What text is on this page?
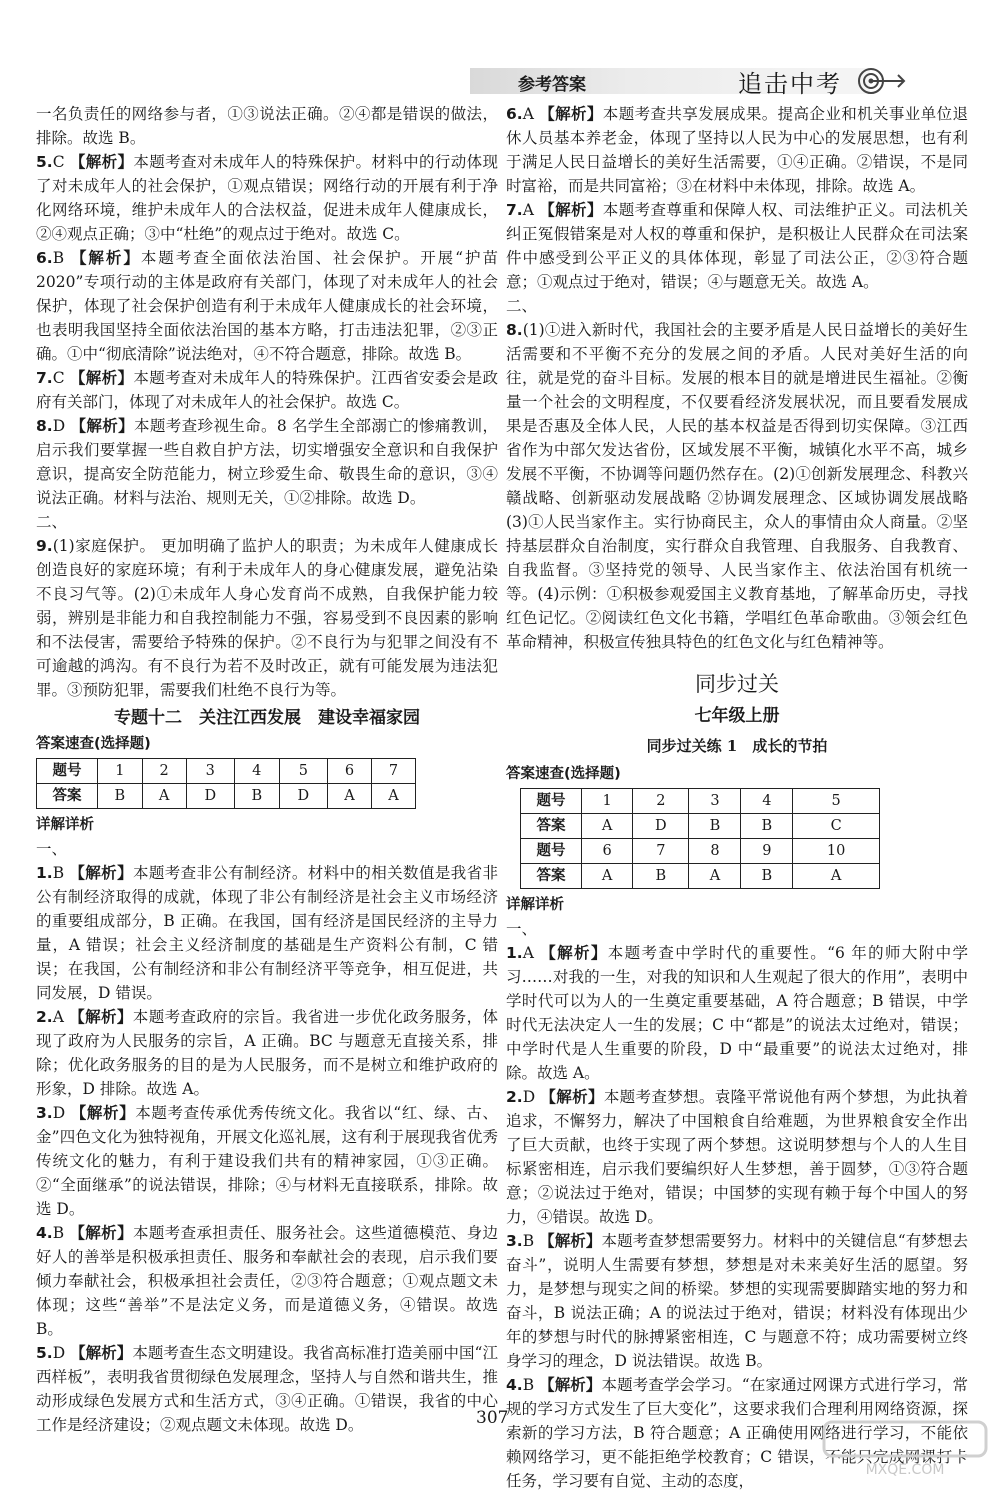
参考答案	追击中考

一名负责任的网络参与者，①③说法正确。②④都是错误的做法，排除。故选 B。

5.C 【解析】本题考查对未成年人的特殊保护。材料中的行动体现了对未成年人的社会保护，①观点错误；网络行动的开展有利于净化网络环境，维护未成年人的合法权益，促进未成年人健康成长，②④观点正确；③中“杜绝”的观点过于绝对。故选 C。

6.B 【解析】本题考查全面依法治国、社会保护。开展“护苗2020”专项行动的主体是政府有关部门，体现了对未成年人的社会保护，体现了社会保护创造有利于未成年人健康成长的社会环境，也表明我国坚持全面依法治国的基本方略，打击违法犯罪，②③正确。①中“彻底清除”说法绝对，④不符合题意，排除。故选 B。

7.C 【解析】本题考查对未成年人的特殊保护。江西省安委会是政府有关部门，体现了对未成年人的社会保护。故选 C。

8.D 【解析】本题考查珍视生命。8 名学生全部溺亡的惨痛教训，启示我们要掌握一些自救自护方法，切实增强安全意识和自我保护意识，提高安全防范能力，树立珍爱生命、敬畏生命的意识，③④说法正确。材料与法治、规则无关，①②排除。故选 D。

二、

9.(1)家庭保护。 更加明确了监护人的职责；为未成年人健康成长创造良好的家庭环境；有利于未成年人的身心健康发展，避免沾染不良习气等。(2)①未成年人身心发育尚不成熟，自我保护能力较弱，辨别是非能力和自我控制能力不强，容易受到不良因素的影响和不法侵害，需要给予特殊的保护。②不良行为与犯罪之间没有不可逾越的鸿沟。有不良行为若不及时改正，就有可能发展为违法犯罪。③预防犯罪，需要我们杜绝不良行为等。

专题十二　关注江西发展　建设幸福家园

答案速查(选择题)

题号	1	2	3	4	5	6	7
答案	B	A	D	B	D	A	A

详解详析

一、

1.B 【解析】本题考查非公有制经济。材料中的相关数值是我省非公有制经济取得的成就，体现了非公有制经济是社会主义市场经济的重要组成部分，B 正确。在我国，国有经济是国民经济的主导力量，A 错误；社会主义经济制度的基础是生产资料公有制，C 错误；在我国，公有制经济和非公有制经济平等竞争，相互促进，共同发展，D 错误。

2.A 【解析】本题考查政府的宗旨。我省进一步优化政务服务，体现了政府为人民服务的宗旨，A 正确。BC 与题意无直接关系，排除；优化政务服务的目的是为人民服务，而不是树立和维护政府的形象，D 排除。故选 A。

3.D 【解析】本题考查传承优秀传统文化。我省以“红、绿、古、金”四色文化为独特视角，开展文化巡礼展，这有利于展现我省优秀传统文化的魅力，有利于建设我们共有的精神家园，①③正确。②“全面继承”的说法错误，排除；④与材料无直接联系，排除。故选 D。

4.B 【解析】本题考查承担责任、服务社会。这些道德模范、身边好人的善举是积极承担责任、服务和奉献社会的表现，启示我们要倾力奉献社会，积极承担社会责任，②③符合题意；①观点题文未体现；这些“善举”不是法定义务，而是道德义务，④错误。故选 B。

5.D 【解析】本题考查生态文明建设。我省高标准打造美丽中国“江西样板”，表明我省贯彻绿色发展理念，坚持人与自然和谐共生，推动形成绿色发展方式和生活方式，③④正确。①错误，我省的中心工作是经济建设；②观点题文未体现。故选 D。

6.A 【解析】本题考查共享发展成果。提高企业和机关事业单位退休人员基本养老金，体现了坚持以人民为中心的发展思想，也有利于满足人民日益增长的美好生活需要，①④正确。②错误，不是同时富裕，而是共同富裕；③在材料中未体现，排除。故选 A。

7.A 【解析】本题考查尊重和保障人权、司法维护正义。司法机关纠正冤假错案是对人权的尊重和保护，是积极让人民群众在司法案件中感受到公平正义的具体体现，彰显了司法公正，②③符合题意；①观点过于绝对，错误；④与题意无关。故选 A。

二、

8.(1)①进入新时代，我国社会的主要矛盾是人民日益增长的美好生活需要和不平衡不充分的发展之间的矛盾。人民对美好生活的向往，就是党的奋斗目标。发展的根本目的就是增进民生福祉。②衡量一个社会的文明程度，不仅要看经济发展状况，而且要看发展成果是否惠及全体人民，人民的基本权益是否得到切实保障。③江西省作为中部欠发达省份，区域发展不平衡，城镇化水平不高，城乡发展不平衡，不协调等问题仍然存在。(2)①创新发展理念、科教兴赣战略、创新驱动发展战略 ②协调发展理念、区域协调发展战略 (3)①人民当家作主。实行协商民主，众人的事情由众人商量。②坚持基层群众自治制度，实行群众自我管理、自我服务、自我教育、自我监督。③坚持党的领导、人民当家作主、依法治国有机统一等。(4)示例：①积极参观爱国主义教育基地，了解革命历史，寻找红色记忆。②阅读红色文化书籍，学唱红色革命歌曲。③领会红色革命精神，积极宣传独具特色的红色文化与红色精神等。

同步过关

七年级上册

同步过关练 1　成长的节拍

答案速查(选择题)

题号	1	2	3	4	5
答案	A	D	B	B	C
题号	6	7	8	9	10
答案	A	B	A	B	A

详解详析

一、

1.A 【解析】本题考查中学时代的重要性。“6 年的师大附中学习……对我的一生，对我的知识和人生观起了很大的作用”，表明中学时代可以为人的一生奠定重要基础，A 符合题意；B 错误，中学时代无法决定人一生的发展；C 中“都是”的说法太过绝对，错误；中学时代是人生重要的阶段，D 中“最重要”的说法太过绝对，排除。故选 A。

2.D 【解析】本题考查梦想。袁隆平常说他有两个梦想，为此执着追求，不懈努力，解决了中国粮食自给难题，为世界粮食安全作出了巨大贡献，也终于实现了两个梦想。这说明梦想与个人的人生目标紧密相连，启示我们要编织好人生梦想，善于圆梦，①③符合题意；②说法过于绝对，错误；中国梦的实现有赖于每个中国人的努力，④错误。故选 D。

3.B 【解析】本题考查梦想需要努力。材料中的关键信息“有梦想去奋斗”，说明人生需要有梦想，梦想是对未来美好生活的愿望。努力，是梦想与现实之间的桥梁。梦想的实现需要脚踏实地的努力和奋斗，B 说法正确；A 的说法过于绝对，错误；材料没有体现出少年的梦想与时代的脉搏紧密相连，C 与题意不符；成功需要树立终身学习的理念，D 说法错误。故选 B。

4.B 【解析】本题考查学会学习。“在家通过网课方式进行学习，常规的学习方式发生了巨大变化”，这要求我们合理利用网络资源，探索新的学习方法，B 符合题意；A 正确使用网络进行学习，不能依赖网络学习，更不能拒绝学校教育；C 错误，不能只完成网课打卡任务，学习要有自觉、主动的态度，

307
MXQE.COM
